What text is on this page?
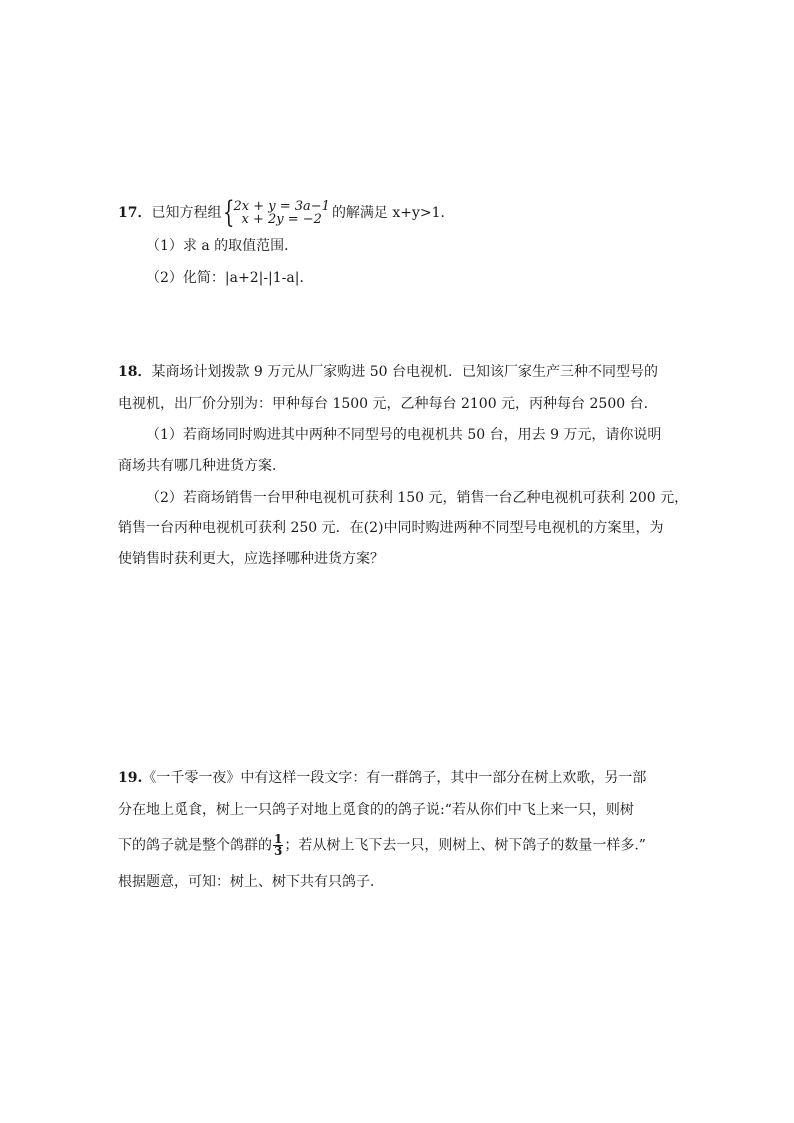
17．已知方程组 {
2x + y = 3a−1
x + 2y = −2 的解满足 x+y>1．
（1）求 a 的取值范围．
（2）化简：|a+2|-|1-a|．
18．某商场计划拨款 9 万元从厂家购进 50 台电视机．已知该厂家生产三种不同型号的
电视机，出厂价分别为：甲种每台 1500 元，乙种每台 2100 元，丙种每台 2500 台．
（1）若商场同时购进其中两种不同型号的电视机共 50 台，用去 9 万元，请你说明
商场共有哪几种进货方案．
（2）若商场销售一台甲种电视机可获利 150 元，销售一台乙种电视机可获利 200 元，
销售一台丙种电视机可获利 250 元．在(2)中同时购进两种不同型号电视机的方案里，为
使销售时获利更大，应选择哪种进货方案？
19.《一千零一夜》中有这样一段文字：有一群鸽子，其中一部分在树上欢歌，另一部
分在地上觅食，树上一只鸽子对地上觅食的的鸽子说:“若从你们中飞上来一只，则树
下的鸽子就是整个鸽群的 $\frac{1}{3}$ ；若从树上飞下去一只，则树上、树下鸽子的数量一样多.”
根据题意，可知：树上、树下共有只鸽子．
